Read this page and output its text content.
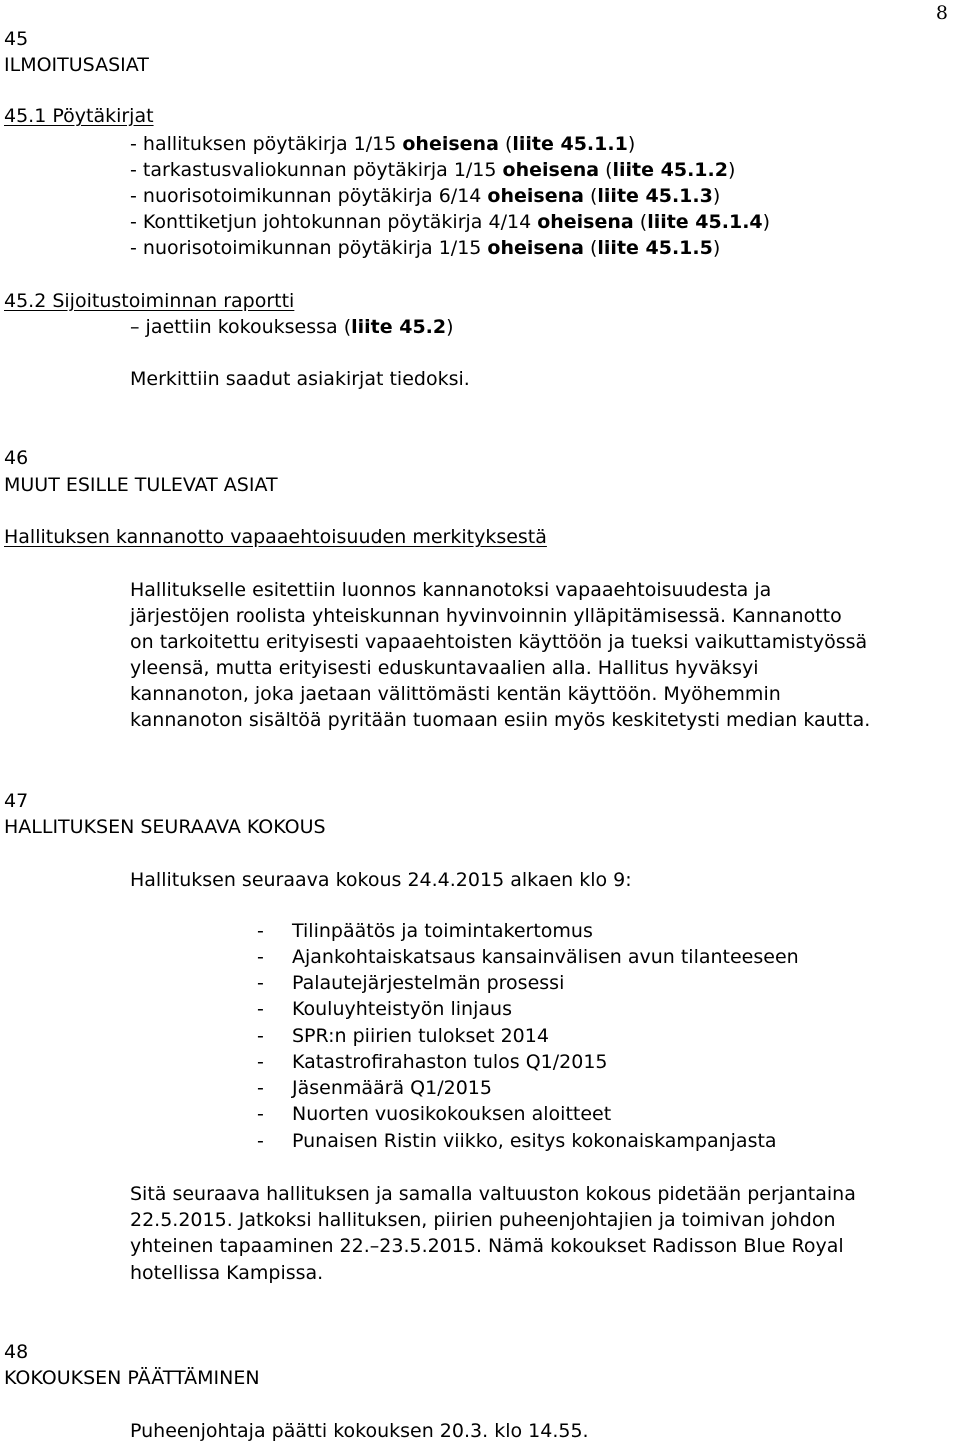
8
45
ILMOITUSASIAT
45.1 Pöytäkirjat
- hallituksen pöytäkirja 1/15 oheisena (liite 45.1.1)
- tarkastusvaliokunnan pöytäkirja 1/15 oheisena (liite 45.1.2)
- nuorisotoimikunnan pöytäkirja 6/14 oheisena (liite 45.1.3)
- Konttiketjun johtokunnan pöytäkirja 4/14 oheisena (liite 45.1.4)
- nuorisotoimikunnan pöytäkirja 1/15 oheisena (liite 45.1.5)
45.2 Sijoitustoiminnan raportti
– jaettiin kokouksessa (liite 45.2)
Merkittiin saadut asiakirjat tiedoksi.
46
MUUT ESILLE TULEVAT ASIAT
Hallituksen kannanotto vapaaehtoisuuden merkityksestä
Hallitukselle esitettiin luonnos kannanotoksi vapaaehtoisuudesta ja
järjestöjen roolista yhteiskunnan hyvinvoinnin ylläpitämisessä. Kannanotto
on tarkoitettu erityisesti vapaaehtoisten käyttöön ja tueksi vaikuttamistyössä
yleensä, mutta erityisesti eduskuntavaalien alla. Hallitus hyväksyi
kannanoton, joka jaetaan välittömästi kentän käyttöön. Myöhemmin
kannanoton sisältöä pyritään tuomaan esiin myös keskitetysti median kautta.
47
HALLITUKSEN SEURAAVA KOKOUS
Hallituksen seuraava kokous 24.4.2015 alkaen klo 9:
- Tilinpäätös ja toimintakertomus
- Ajankohtaiskatsaus kansainvälisen avun tilanteeseen
- Palautejärjestelmän prosessi
- Kouluyhteistyön linjaus
- SPR:n piirien tulokset 2014
- Katastrofirahaston tulos Q1/2015
- Jäsenmäärä Q1/2015
- Nuorten vuosikokouksen aloitteet
- Punaisen Ristin viikko, esitys kokonaiskampanjasta
Sitä seuraava hallituksen ja samalla valtuuston kokous pidetään perjantaina
22.5.2015. Jatkoksi hallituksen, piirien puheenjohtajien ja toimivan johdon
yhteinen tapaaminen 22.–23.5.2015. Nämä kokoukset Radisson Blue Royal
hotellissa Kampissa.
48
KOKOUKSEN PÄÄTTÄMINEN
Puheenjohtaja päätti kokouksen 20.3. klo 14.55.
